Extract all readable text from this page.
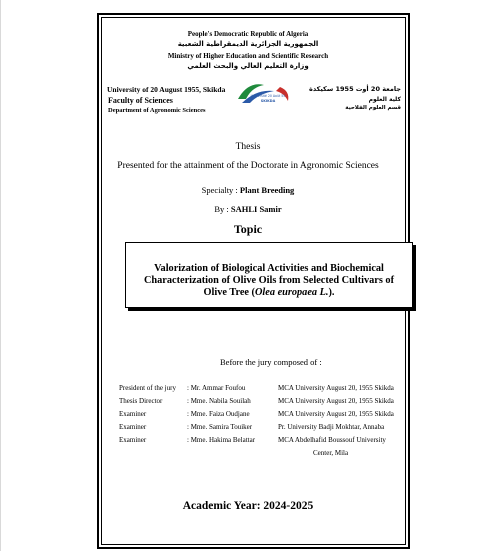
People's Democratic Republic of Algeria
الجمهورية الجزائرية الديمقراطية الشعبية
Ministry of Higher Education and Scientific Research
وزارة التعليم العالي والبحث العلمي
University of 20 August 1955, Skikda
Faculty of Sciences
Department of Agronomic Sciences
Université 20 Août 55
SKIKDA
جامعة 20 أوت 1955 سكيكدة
كلية العلوم
قسم العلوم الفلاحية
Thesis
Presented for the attainment of the Doctorate in Agronomic Sciences
Specialty : Plant Breeding
By : SAHLI Samir
Topic
Valorization of Biological Activities and Biochemical
Characterization of Olive Oils from Selected Cultivars of
Olive Tree (Olea europaea L.).
Before the jury composed of :
President of the jury : Mr. Ammar Foufou	MCA University August 20, 1955 Skikda
Thesis Director	: Mme. Nabila Souilah	MCA University August 20, 1955 Skikda
Examiner	: Mme. Faiza Oudjane	MCA University August 20, 1955 Skikda
Examiner	: Mme. Samira Touiker	Pr. University Badji Mokhtar, Annaba
Examiner	: Mme. Hakima Belattar	MCA Abdelhafid Boussouf University
Center, Mila
Academic Year: 2024-2025
